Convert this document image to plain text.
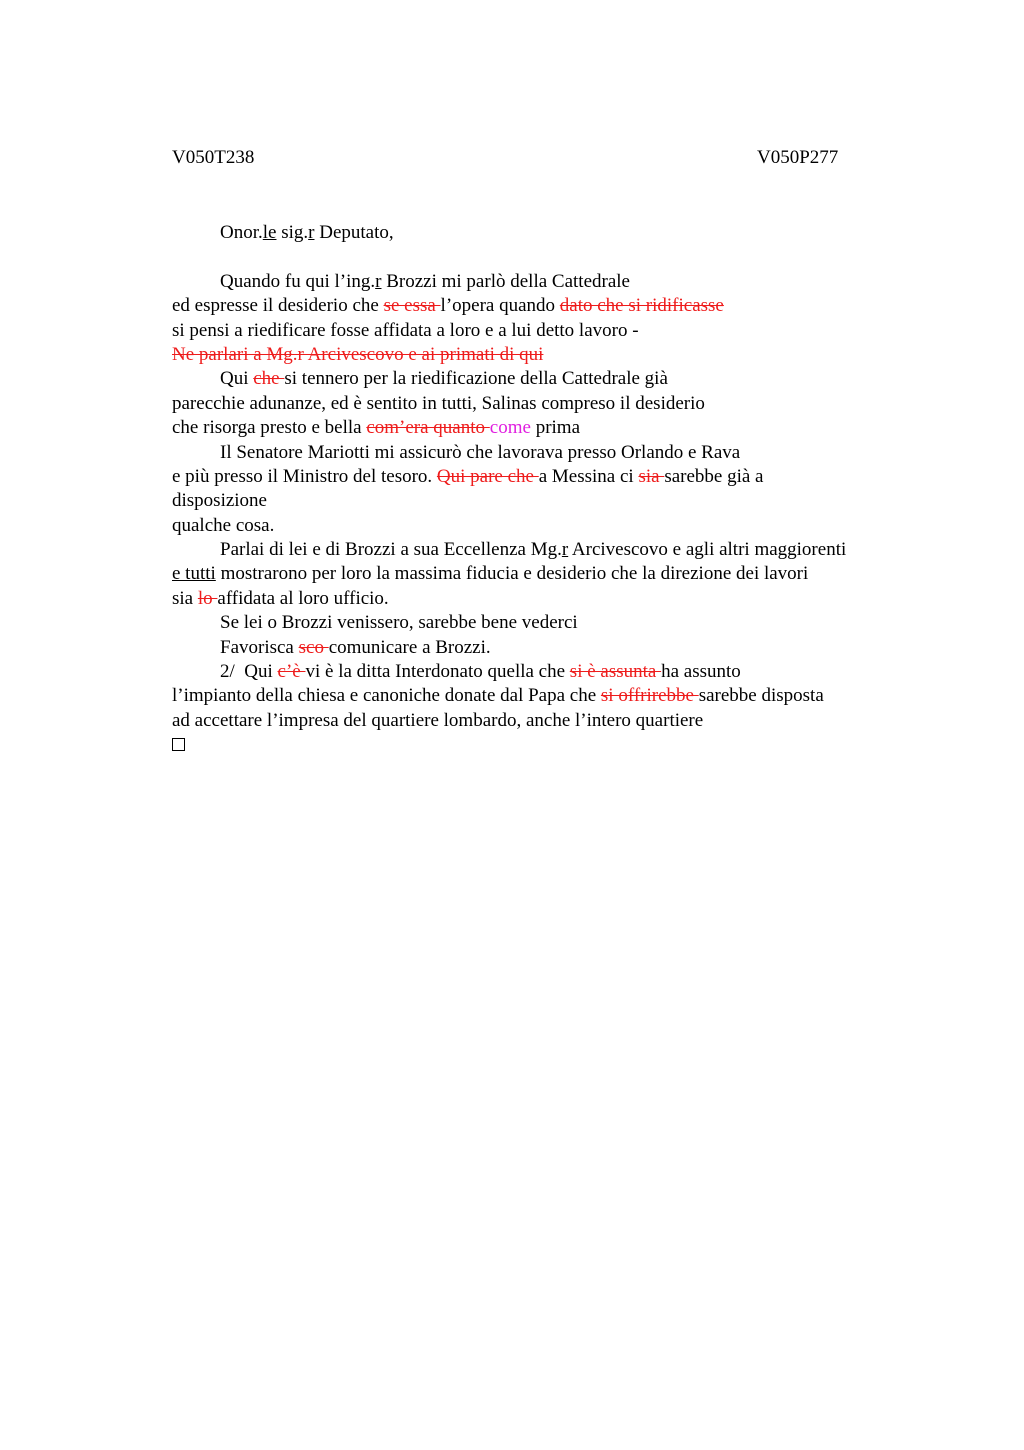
V050T238	V050P277
Onor.le sig.r Deputato,
Quando fu qui l’ing.r Brozzi mi parlò della Cattedrale
ed espresse il desiderio che se essa l’opera quando dato che si ridificasse
si pensi a riedificare fosse affidata a loro e a lui detto lavoro -
Ne parlari a Mg.r Arcivescovo e ai primati di qui
Qui che si tennero per la riedificazione della Cattedrale già
parecchie adunanze, ed è sentito in tutti, Salinas compreso il desiderio
che risorga presto e bella com’era quanto come prima
Il Senatore Mariotti mi assicurò che lavorava presso Orlando e Rava
e più presso il Ministro del tesoro. Qui pare che a Messina ci sia sarebbe già a
disposizione
qualche cosa.
Parlai di lei e di Brozzi a sua Eccellenza Mg.r Arcivescovo e agli altri maggiorenti
e tutti mostrarono per loro la massima fiducia e desiderio che la direzione dei lavori
sia lo affidata al loro ufficio.
Se lei o Brozzi venissero, sarebbe bene vederci
Favorisca sco comunicare a Brozzi.
2/  Qui c’è vi è la ditta Interdonato quella che si è assunta ha assunto
l’impianto della chiesa e canoniche donate dal Papa che si offrirebbe sarebbe disposta
ad accettare l’impresa del quartiere lombardo, anche l’intero quartiere
